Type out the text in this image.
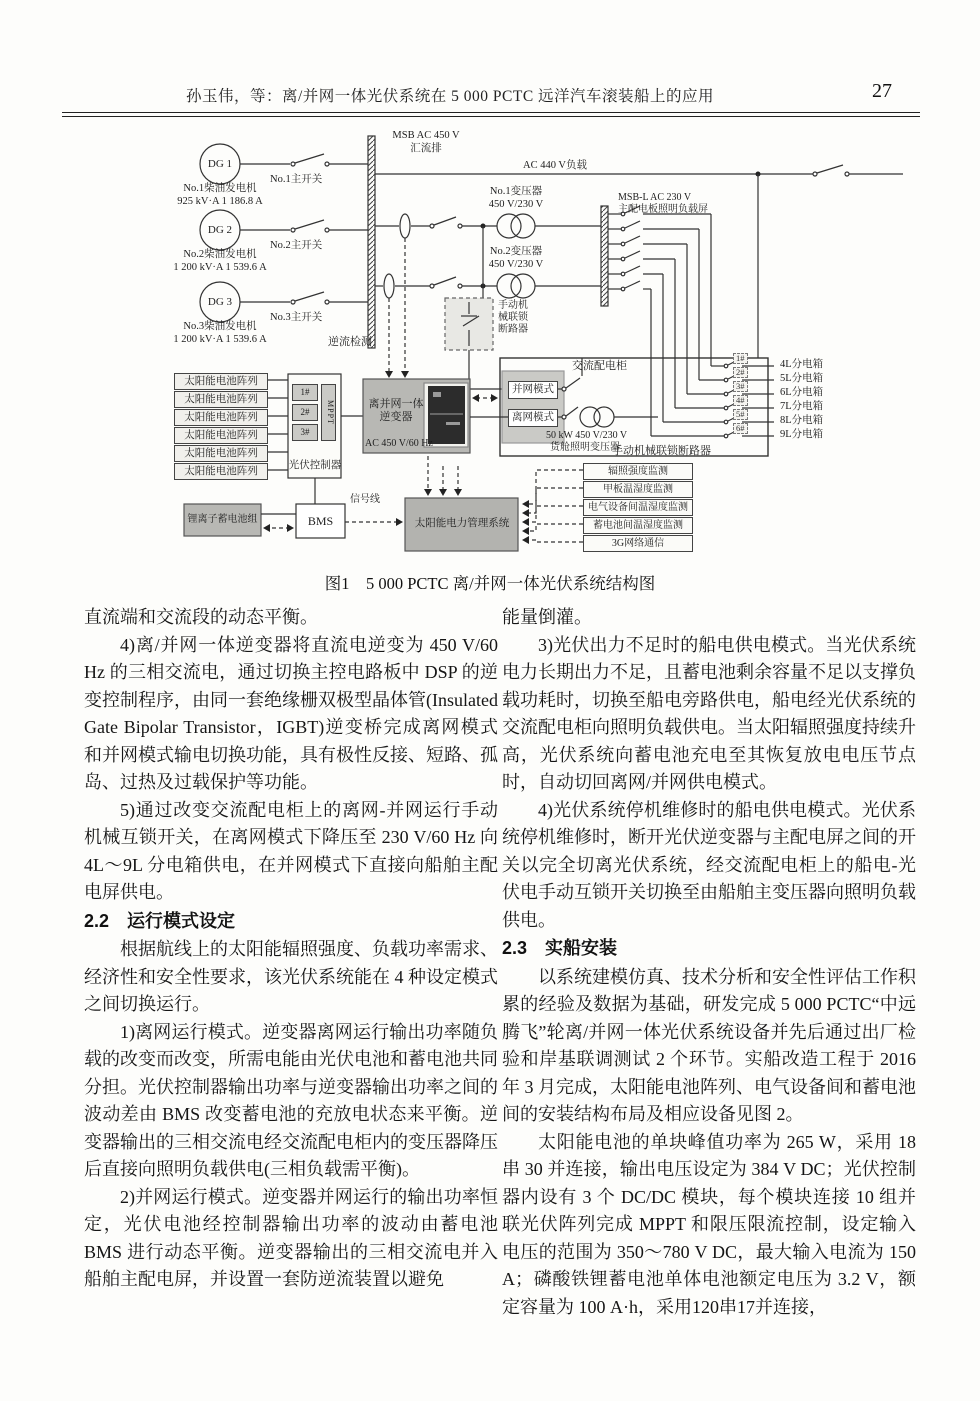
孙玉伟，等：离/并网一体光伏系统在 5 000 PCTC 远洋汽车滚装船上的应用	27
MSB AC 450 V
汇流排
DG 1
No.1柴油发电机
925 kV·A 1 186.8 A
No.1主开关
DG 2
No.2柴油发电机
1 200 kV·A 1 539.6 A
No.2主开关
DG 3
No.3柴油发电机
1 200 kV·A 1 539.6 A
No.3主开关
AC 440 V负载
No.1变压器
450 V/230 V
No.2变压器
450 V/230 V
MSB-L AC 230 V
主配电板照明负载屏
手动机
械联锁
断路器
逆流检测
太阳能电池阵列
太阳能电池阵列
太阳能电池阵列
太阳能电池阵列
太阳能电池阵列
太阳能电池阵列
1#
2#
3#
MPPT
光伏控制器
离并网一体
逆变器
AC 450 V/60 Hz
交流配电柜
并网模式
离网模式
50 kW 450 V/230 V
货舱照明变压器
手动机械联锁断路器
1#
2#
3#
4#
5#
6#
4L分电箱
5L分电箱
6L分电箱
7L分电箱
8L分电箱
9L分电箱
锂离子蓄电池组	BMS
信号线
太阳能电力管理系统
辐照强度监测
甲板温湿度监测
电气设备间温湿度监测
蓄电池间温湿度监测
3G网络通信
图1　5 000 PCTC 离/并网一体光伏系统结构图

直流端和交流段的动态平衡。

4)离/并网一体逆变器将直流电逆变为 450 V/60 Hz 的三相交流电，通过切换主控电路板中 DSP 的逆变控制程序，由同一套绝缘栅双极型晶体管(Insulated Gate Bipolar Transistor，IGBT)逆变桥完成离网模式和并网模式输电切换功能，具有极性反接、短路、孤岛、过热及过载保护等功能。

5)通过改变交流配电柜上的离网-并网运行手动机械互锁开关，在离网模式下降压至 230 V/60 Hz 向 4L～9L 分电箱供电，在并网模式下直接向船舶主配电屏供电。

2.2　运行模式设定

根据航线上的太阳能辐照强度、负载功率需求、经济性和安全性要求，该光伏系统能在 4 种设定模式之间切换运行。

1)离网运行模式。逆变器离网运行输出功率随负载的改变而改变，所需电能由光伏电池和蓄电池共同分担。光伏控制器输出功率与逆变器输出功率之间的波动差由 BMS 改变蓄电池的充放电状态来平衡。逆变器输出的三相交流电经交流配电柜内的变压器降压后直接向照明负载供电(三相负载需平衡)。

2)并网运行模式。逆变器并网运行的输出功率恒定，光伏电池经控制器输出功率的波动由蓄电池 BMS 进行动态平衡。逆变器输出的三相交流电并入船舶主配电屏，并设置一套防逆流装置以避免

能量倒灌。

3)光伏出力不足时的船电供电模式。当光伏系统电力长期出力不足，且蓄电池剩余容量不足以支撑负载功耗时，切换至船电旁路供电，船电经光伏系统的交流配电柜向照明负载供电。当太阳辐照强度持续升高，光伏系统向蓄电池充电至其恢复放电电压节点时，自动切回离网/并网供电模式。

4)光伏系统停机维修时的船电供电模式。光伏系统停机维修时，断开光伏逆变器与主配电屏之间的开关以完全切离光伏系统，经交流配电柜上的船电-光伏电手动互锁开关切换至由船舶主变压器向照明负载供电。

2.3　实船安装

以系统建模仿真、技术分析和安全性评估工作积累的经验及数据为基础，研发完成 5 000 PCTC“中远腾飞”轮离/并网一体光伏系统设备并先后通过出厂检验和岸基联调测试 2 个环节。实船改造工程于 2016 年 3 月完成，太阳能电池阵列、电气设备间和蓄电池间的安装结构布局及相应设备见图 2。

太阳能电池的单块峰值功率为 265 W，采用 18 串 30 并连接，输出电压设定为 384 V DC；光伏控制器内设有 3 个 DC/DC 模块，每个模块连接 10 组并联光伏阵列完成 MPPT 和限压限流控制，设定输入电压的范围为 350～780 V DC，最大输入电流为 150 A；磷酸铁锂蓄电池单体电池额定电压为 3.2 V，额定容量为 100 A·h，采用120串17并连接，
